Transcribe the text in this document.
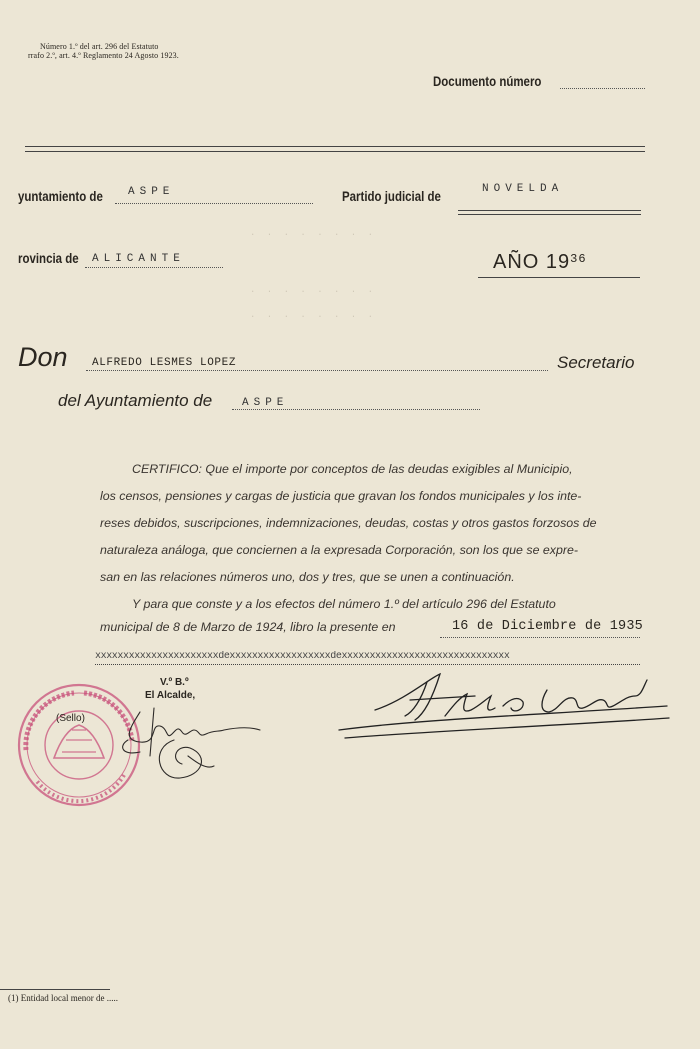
Número 1.º del art. 296 del Estatuto
rrafo 2.º, art. 4.º Reglamento 24 Agosto 1923.
Documento número
yuntamiento de ASPE	Partido judicial de	NOVELDA
rovincia de ALICANTE	AÑO $19^{36}$
. . . . . . . .
. . . . . . . .
. . . . . . . .
Don ALFREDO LESMES LOPEZ	Secretario
del Ayuntamiento de	ASPE
CERTIFICO: Que el importe por conceptos de las deudas exigibles al Municipio,
los censos, pensiones y cargas de justicia que gravan los fondos municipales y los inte-
reses debidos, suscripciones, indemnizaciones, deudas, costas y otros gastos forzosos de
naturaleza análoga, que conciernen a la expresada Corporación, son los que se expre-
san en las relaciones números uno, dos y tres, que se unen a continuación.
Y para que conste y a los efectos del número 1.º del artículo 296 del Estatuto
municipal de 8 de Marzo de 1924, libro la presente en	16 de Diciembre de 1935
xxxxxxxxxxxxxxxxxxxxxxdexxxxxxxxxxxxxxxxxxdexxxxxxxxxxxxxxxxxxxxxxxxxxxxxx
V.º B.º
El Alcalde,
(Sello)
(1) Entidad local menor de .....
